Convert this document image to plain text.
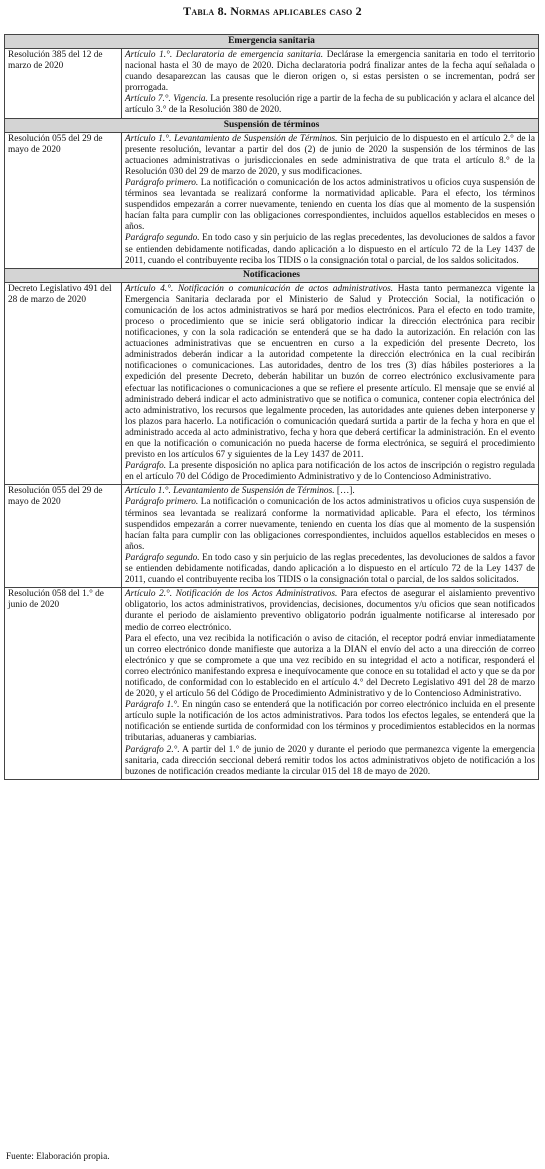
Tabla 8. Normas aplicables caso 2
Emergencia sanitaria	
Resolución 385 del 12 de marzo de 2020	Artículo 1.°. Declaratoria de emergencia sanitaria. Declárase la emergencia sanitaria en todo el territorio nacional hasta el 30 de mayo de 2020. Dicha declaratoria podrá finalizar antes de la fecha aquí señalada o cuando desaparezcan las causas que le dieron origen o, si estas persisten o se incrementan, podrá ser prorrogada.

Artículo 7.°. Vigencia. La presente resolución rige a partir de la fecha de su publicación y aclara el alcance del artículo 3.° de la Resolución 380 de 2020.

Suspensión de términos	
Resolución 055 del 29 de mayo de 2020	Artículo 1.°. Levantamiento de Suspensión de Términos. Sin perjuicio de lo dispuesto en el artículo 2.° de la presente resolución, levantar a partir del dos (2) de junio de 2020 la suspensión de los términos de las actuaciones administrativas o jurisdiccionales en sede administrativa de que trata el artículo 8.° de la Resolución 030 del 29 de marzo de 2020, y sus modificaciones.

Parágrafo primero. La notificación o comunicación de los actos administrativos u oficios cuya suspensión de términos sea levantada se realizará conforme la normatividad aplicable. Para el efecto, los términos suspendidos empezarán a correr nuevamente, teniendo en cuenta los días que al momento de la suspensión hacían falta para cumplir con las obligaciones correspondientes, incluidos aquellos establecidos en meses o años.

Parágrafo segundo. En todo caso y sin perjuicio de las reglas precedentes, las devoluciones de saldos a favor se entienden debidamente notificadas, dando aplicación a lo dispuesto en el artículo 72 de la Ley 1437 de 2011, cuando el contribuyente reciba los TIDIS o la consignación total o parcial, de los saldos solicitados.

Notificaciones	
Decreto Legislativo 491 del 28 de marzo de 2020	Artículo 4.°. Notificación o comunicación de actos administrativos. Hasta tanto permanezca vigente la Emergencia Sanitaria declarada por el Ministerio de Salud y Protección Social, la notificación o comunicación de los actos administrativos se hará por medios electrónicos. Para el efecto en todo tramite, proceso o procedimiento que se inicie será obligatorio indicar la dirección electrónica para recibir notificaciones, y con la sola radicación se entenderá que se ha dado la autorización. En relación con las actuaciones administrativas que se encuentren en curso a la expedición del presente Decreto, los administrados deberán indicar a la autoridad competente la dirección electrónica en la cual recibirán notificaciones o comunicaciones. Las autoridades, dentro de los tres (3) días hábiles posteriores a la expedición del presente Decreto, deberán habilitar un buzón de correo electrónico exclusivamente para efectuar las notificaciones o comunicaciones a que se refiere el presente artículo. El mensaje que se envié al administrado deberá indicar el acto administrativo que se notifica o comunica, contener copia electrónica del acto administrativo, los recursos que legalmente proceden, las autoridades ante quienes deben interponerse y los plazos para hacerlo. La notificación o comunicación quedará surtida a partir de la fecha y hora en que el administrado acceda al acto administrativo, fecha y hora que deberá certificar la administración. En el evento en que la notificación o comunicación no pueda hacerse de forma electrónica, se seguirá el procedimiento previsto en los artículos 67 y siguientes de la Ley 1437 de 2011.

Parágrafo. La presente disposición no aplica para notificación de los actos de inscripción o registro regulada en el artículo 70 del Código de Procedimiento Administrativo y de lo Contencioso Administrativo.

Resolución 055 del 29 de mayo de 2020	Artículo 1.°. Levantamiento de Suspensión de Términos. […].

Parágrafo primero. La notificación o comunicación de los actos administrativos u oficios cuya suspensión de términos sea levantada se realizará conforme la normatividad aplicable. Para el efecto, los términos suspendidos empezarán a correr nuevamente, teniendo en cuenta los días que al momento de la suspensión hacían falta para cumplir con las obligaciones correspondientes, incluidos aquellos establecidos en meses o años.

Parágrafo segundo. En todo caso y sin perjuicio de las reglas precedentes, las devoluciones de saldos a favor se entienden debidamente notificadas, dando aplicación a lo dispuesto en el artículo 72 de la Ley 1437 de 2011, cuando el contribuyente reciba los TIDIS o la consignación total o parcial, de los saldos solicitados.

Resolución 058 del 1.° de junio de 2020	Artículo 2.°. Notificación de los Actos Administrativos. Para efectos de asegurar el aislamiento preventivo obligatorio, los actos administrativos, providencias, decisiones, documentos y/u oficios que sean notificados durante el periodo de aislamiento preventivo obligatorio podrán igualmente notificarse al interesado por medio de correo electrónico.

Para el efecto, una vez recibida la notificación o aviso de citación, el receptor podrá enviar inmediatamente un correo electrónico donde manifieste que autoriza a la DIAN el envío del acto a una dirección de correo electrónico y que se compromete a que una vez recibido en su integridad el acto a notificar, responderá el correo electrónico manifestando expresa e inequívocamente que conoce en su totalidad el acto y que se da por notificado, de conformidad con lo establecido en el artículo 4.° del Decreto Legislativo 491 del 28 de marzo de 2020, y el artículo 56 del Código de Procedimiento Administrativo y de lo Contencioso Administrativo.

Parágrafo 1.°. En ningún caso se entenderá que la notificación por correo electrónico incluida en el presente artículo suple la notificación de los actos administrativos. Para todos los efectos legales, se entenderá que la notificación se entiende surtida de conformidad con los términos y procedimientos establecidos en la normas tributarias, aduaneras y cambiarias.

Parágrafo 2.°. A partir del 1.° de junio de 2020 y durante el periodo que permanezca vigente la emergencia sanitaria, cada dirección seccional deberá remitir todos los actos administrativos objeto de notificación a los buzones de notificación creados mediante la circular 015 del 18 de mayo de 2020.

Fuente: Elaboración propia.
